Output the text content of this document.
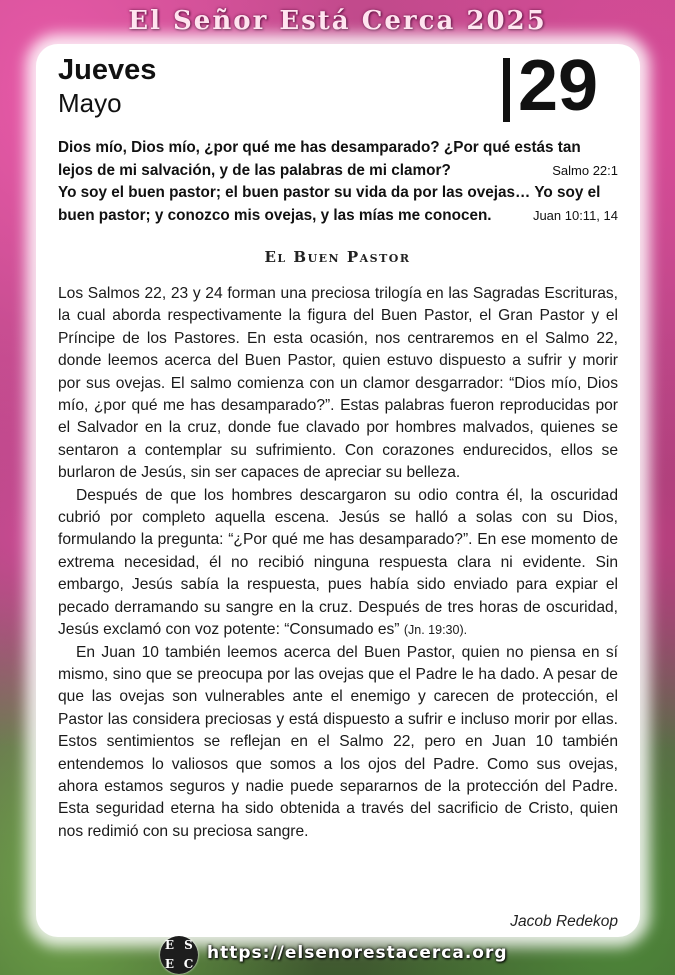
El Señor Está Cerca 2025
Jueves
Mayo	29
Dios mío, Dios mío, ¿por qué me has desamparado? ¿Por qué estás tan
lejos de mi salvación, y de las palabras de mi clamor?	Salmo 22:1
Yo soy el buen pastor; el buen pastor su vida da por las ovejas… Yo soy el
buen pastor; y conozco mis ovejas, y las mías me conocen.	Juan 10:11, 14
El Buen Pastor

Los Salmos 22, 23 y 24 forman una preciosa trilogía en las Sagradas Escrituras, la cual aborda respectivamente la figura del Buen Pastor, el Gran Pastor y el Príncipe de los Pastores. En esta ocasión, nos centraremos en el Salmo 22, donde leemos acerca del Buen Pastor, quien estuvo dispuesto a sufrir y morir por sus ovejas. El salmo comienza con un clamor desgarrador: “Dios mío, Dios mío, ¿por qué me has desamparado?”. Estas palabras fueron reproducidas por el Salvador en la cruz, donde fue clavado por hombres malvados, quienes se sentaron a contemplar su sufrimiento. Con corazones endurecidos, ellos se burlaron de Jesús, sin ser capaces de apreciar su belleza.

Después de que los hombres descargaron su odio contra él, la oscuridad cubrió por completo aquella escena. Jesús se halló a solas con su Dios, formulando la pregunta: “¿Por qué me has desamparado?”. En ese momento de extrema necesidad, él no recibió ninguna respuesta clara ni evidente. Sin embargo, Jesús sabía la respuesta, pues había sido enviado para expiar el pecado derramando su sangre en la cruz. Después de tres horas de oscuridad, Jesús exclamó con voz potente: “Consumado es” (Jn. 19:30).

En Juan 10 también leemos acerca del Buen Pastor, quien no piensa en sí mismo, sino que se preocupa por las ovejas que el Padre le ha dado. A pesar de que las ovejas son vulnerables ante el enemigo y carecen de protección, el Pastor las considera preciosas y está dispuesto a sufrir e incluso morir por ellas. Estos sentimientos se reflejan en el Salmo 22, pero en Juan 10 también entendemos lo valiosos que somos a los ojos del Padre. Como sus ovejas, ahora estamos seguros y nadie puede separarnos de la protección del Padre. Esta seguridad eterna ha sido obtenida a través del sacrificio de Cristo, quien nos redimió con su preciosa sangre.

Jacob Redekop
E S
E C
https://elsenorestacerca.org
